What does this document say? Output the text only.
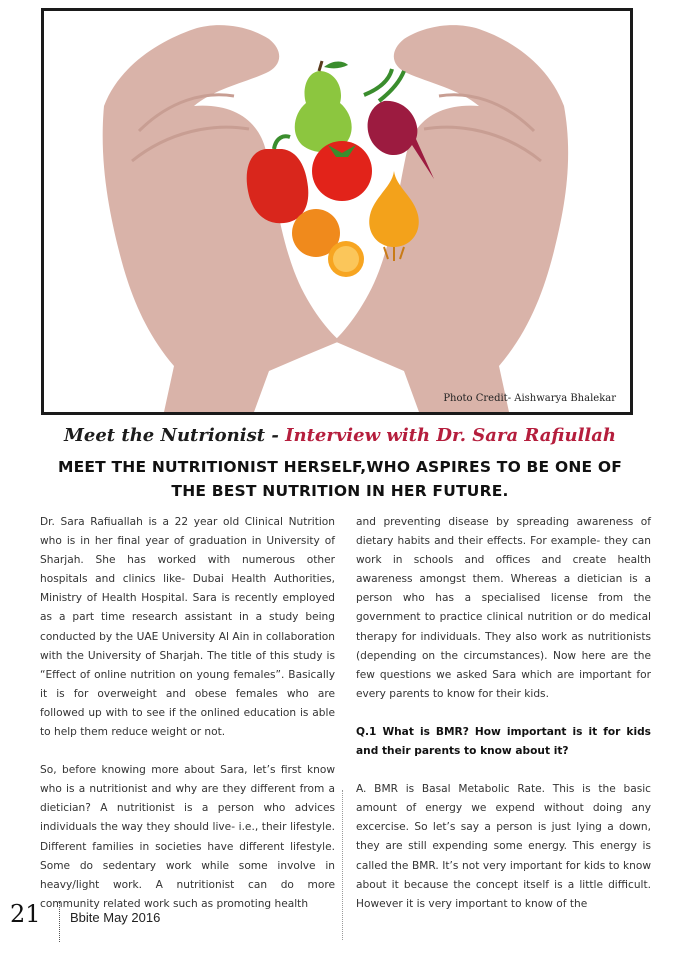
Photo Credit- Aishwarya Bhalekar
Meet the Nutrionist - Interview with Dr. Sara Rafiullah
MEET THE NUTRITIONIST HERSELF,WHO ASPIRES TO BE ONE OF THE BEST NUTRITION IN HER FUTURE.

Dr. Sara Rafiuallah is a 22 year old Clinical Nutrition who is in her final year of graduation in University of Sharjah. She has worked with numerous other hospitals and clinics like- Dubai Health Authorities, Ministry of Health Hospital. Sara is recently employed as a part time research assistant in a study being conducted by the UAE University Al Ain in collaboration with the University of Sharjah. The title of this study is “Effect of online nutrition on young females”. Basically it is for overweight and obese females who are followed up with to see if the onlined education is able to help them reduce weight or not.

So, before knowing more about Sara, let’s first know who is a nutritionist and why are they different from a dietician? A nutritionist is a person who advices individuals the way they should live- i.e., their lifestyle. Different families in societies have different lifestyle. Some do sedentary work while some involve in heavy/light work. A nutritionist can do more community related work such as promoting health

and preventing disease by spreading awareness of dietary habits and their effects. For example- they can work in schools and offices and create health awareness amongst them. Whereas a dietician is a person who has a specialised license from the government to practice clinical nutrition or do medical therapy for individuals. They also work as nutritionists (depending on the circumstances). Now here are the few questions we asked Sara which are important for every parents to know for their kids.

Q.1 What is BMR? How important is it for kids and their parents to know about it?

A. BMR is Basal Metabolic Rate. This is the basic amount of energy we expend without doing any excercise. So let’s say a person is just lying a down, they are still expending some energy. This energy is called the BMR. It’s not very important for kids to know about it because the concept itself is a little difficult. However it is very important to know of the

21 Bbite May 2016
